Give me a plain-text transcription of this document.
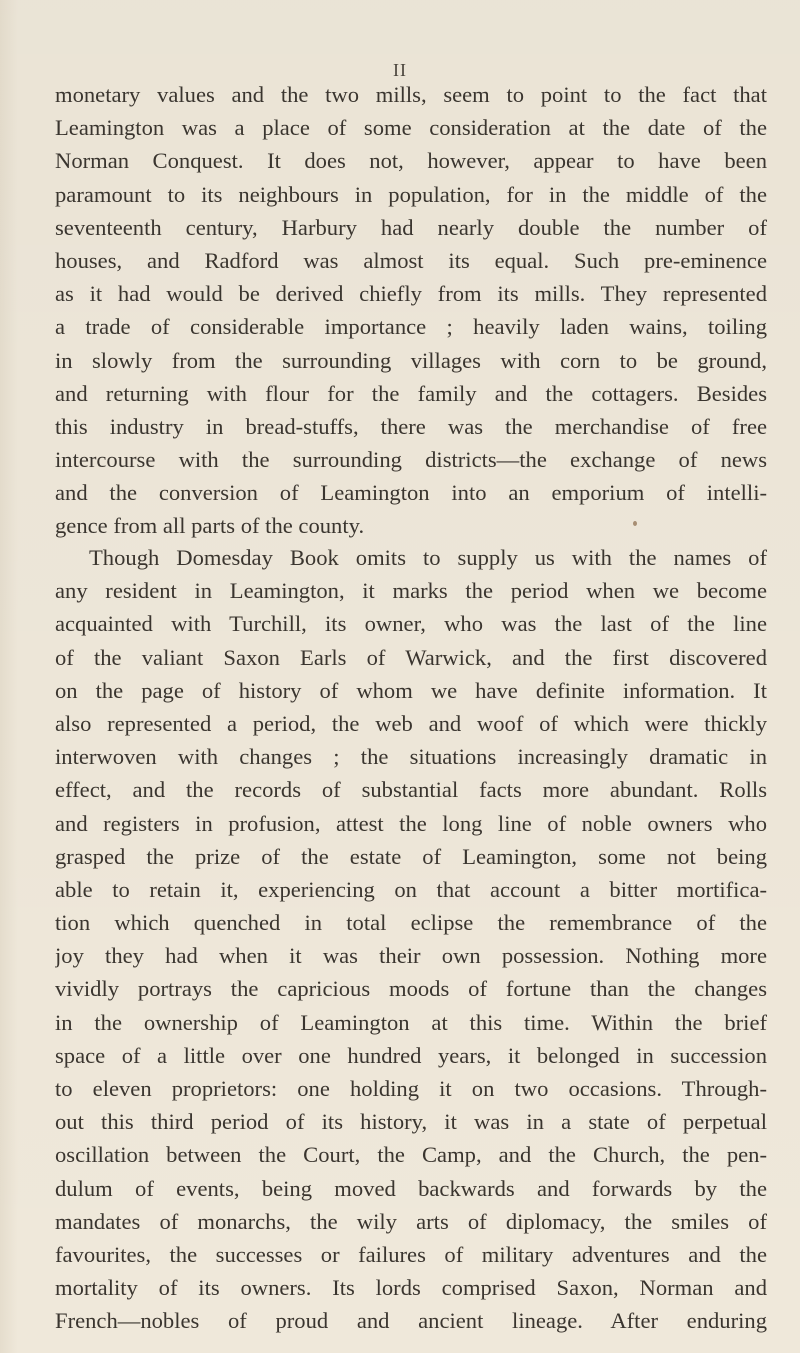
II
monetary values and the two mills, seem to point to the fact that
Leamington was a place of some consideration at the date of the
Norman Conquest. It does not, however, appear to have been
paramount to its neighbours in population, for in the middle of the
seventeenth century, Harbury had nearly double the number of
houses, and Radford was almost its equal. Such pre-eminence
as it had would be derived chiefly from its mills. They represented
a trade of considerable importance ; heavily laden wains, toiling
in slowly from the surrounding villages with corn to be ground,
and returning with flour for the family and the cottagers. Besides
this industry in bread-stuffs, there was the merchandise of free
intercourse with the surrounding districts—the exchange of news
and the conversion of Leamington into an emporium of intelli-
gence from all parts of the county.
Though Domesday Book omits to supply us with the names of
any resident in Leamington, it marks the period when we become
acquainted with Turchill, its owner, who was the last of the line
of the valiant Saxon Earls of Warwick, and the first discovered
on the page of history of whom we have definite information. It
also represented a period, the web and woof of which were thickly
interwoven with changes ; the situations increasingly dramatic in
effect, and the records of substantial facts more abundant. Rolls
and registers in profusion, attest the long line of noble owners who
grasped the prize of the estate of Leamington, some not being
able to retain it, experiencing on that account a bitter mortifica-
tion which quenched in total eclipse the remembrance of the
joy they had when it was their own possession. Nothing more
vividly portrays the capricious moods of fortune than the changes
in the ownership of Leamington at this time. Within the brief
space of a little over one hundred years, it belonged in succession
to eleven proprietors: one holding it on two occasions. Through-
out this third period of its history, it was in a state of perpetual
oscillation between the Court, the Camp, and the Church, the pen-
dulum of events, being moved backwards and forwards by the
mandates of monarchs, the wily arts of diplomacy, the smiles of
favourites, the successes or failures of military adventures and the
mortality of its owners. Its lords comprised Saxon, Norman and
French—nobles of proud and ancient lineage. After enduring
